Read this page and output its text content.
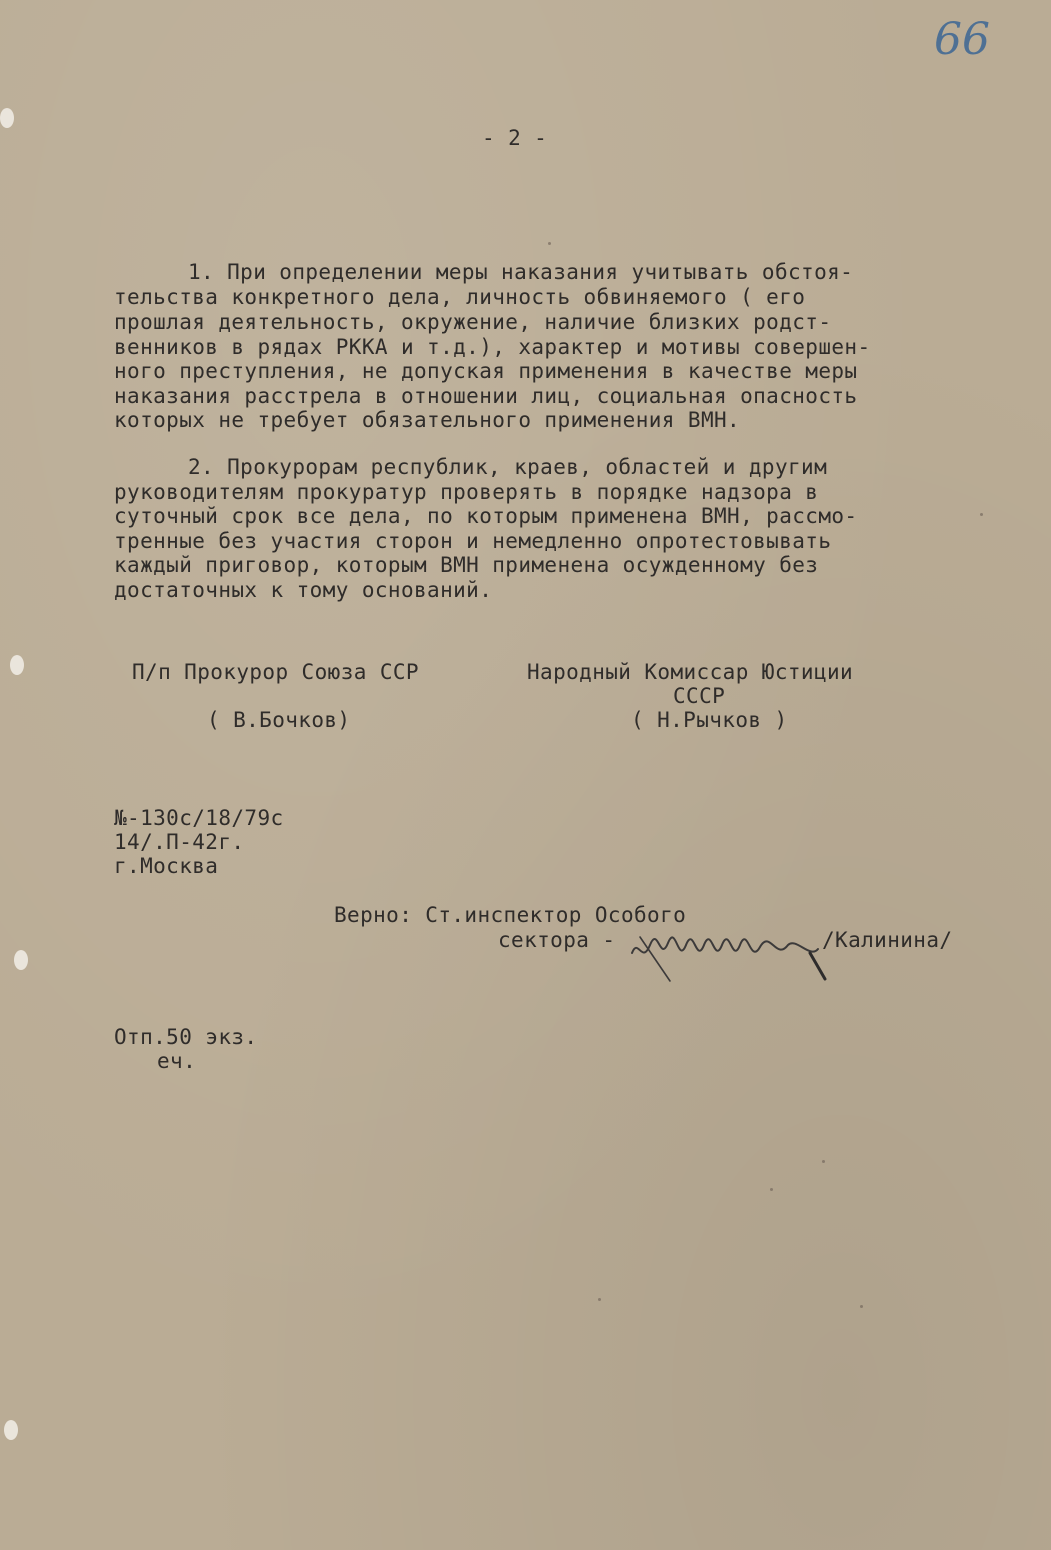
66
- 2 -
1. При определении меры наказания учитывать обстоя-
тельства конкретного дела, личность обвиняемого ( его
прошлая деятельность, окружение, наличие близких родст-
венников в рядах РККА и т.д.), характер и мотивы совершен-
ного преступления, не допуская применения в качестве меры
наказания расстрела в отношении лиц, социальная опасность
которых не требует обязательного применения ВМН.
2. Прокурорам республик, краев, областей и другим
руководителям прокуратур проверять в порядке надзора в
суточный срок все дела, по которым применена ВМН, рассмо-
тренные без участия сторон и немедленно опротестовывать
каждый приговор, которым ВМН применена осужденному без
достаточных к тому оснований.
П/п Прокурор Союза ССР
( В.Бочков)
Народный Комиссар Юстиции
СССР
( Н.Рычков )
№-130с/18/79с
14/.П-42г.
г.Москва
Верно: Ст.инспектор Особого
сектора -	/Калинина/
Отп.50 экз.
еч.
